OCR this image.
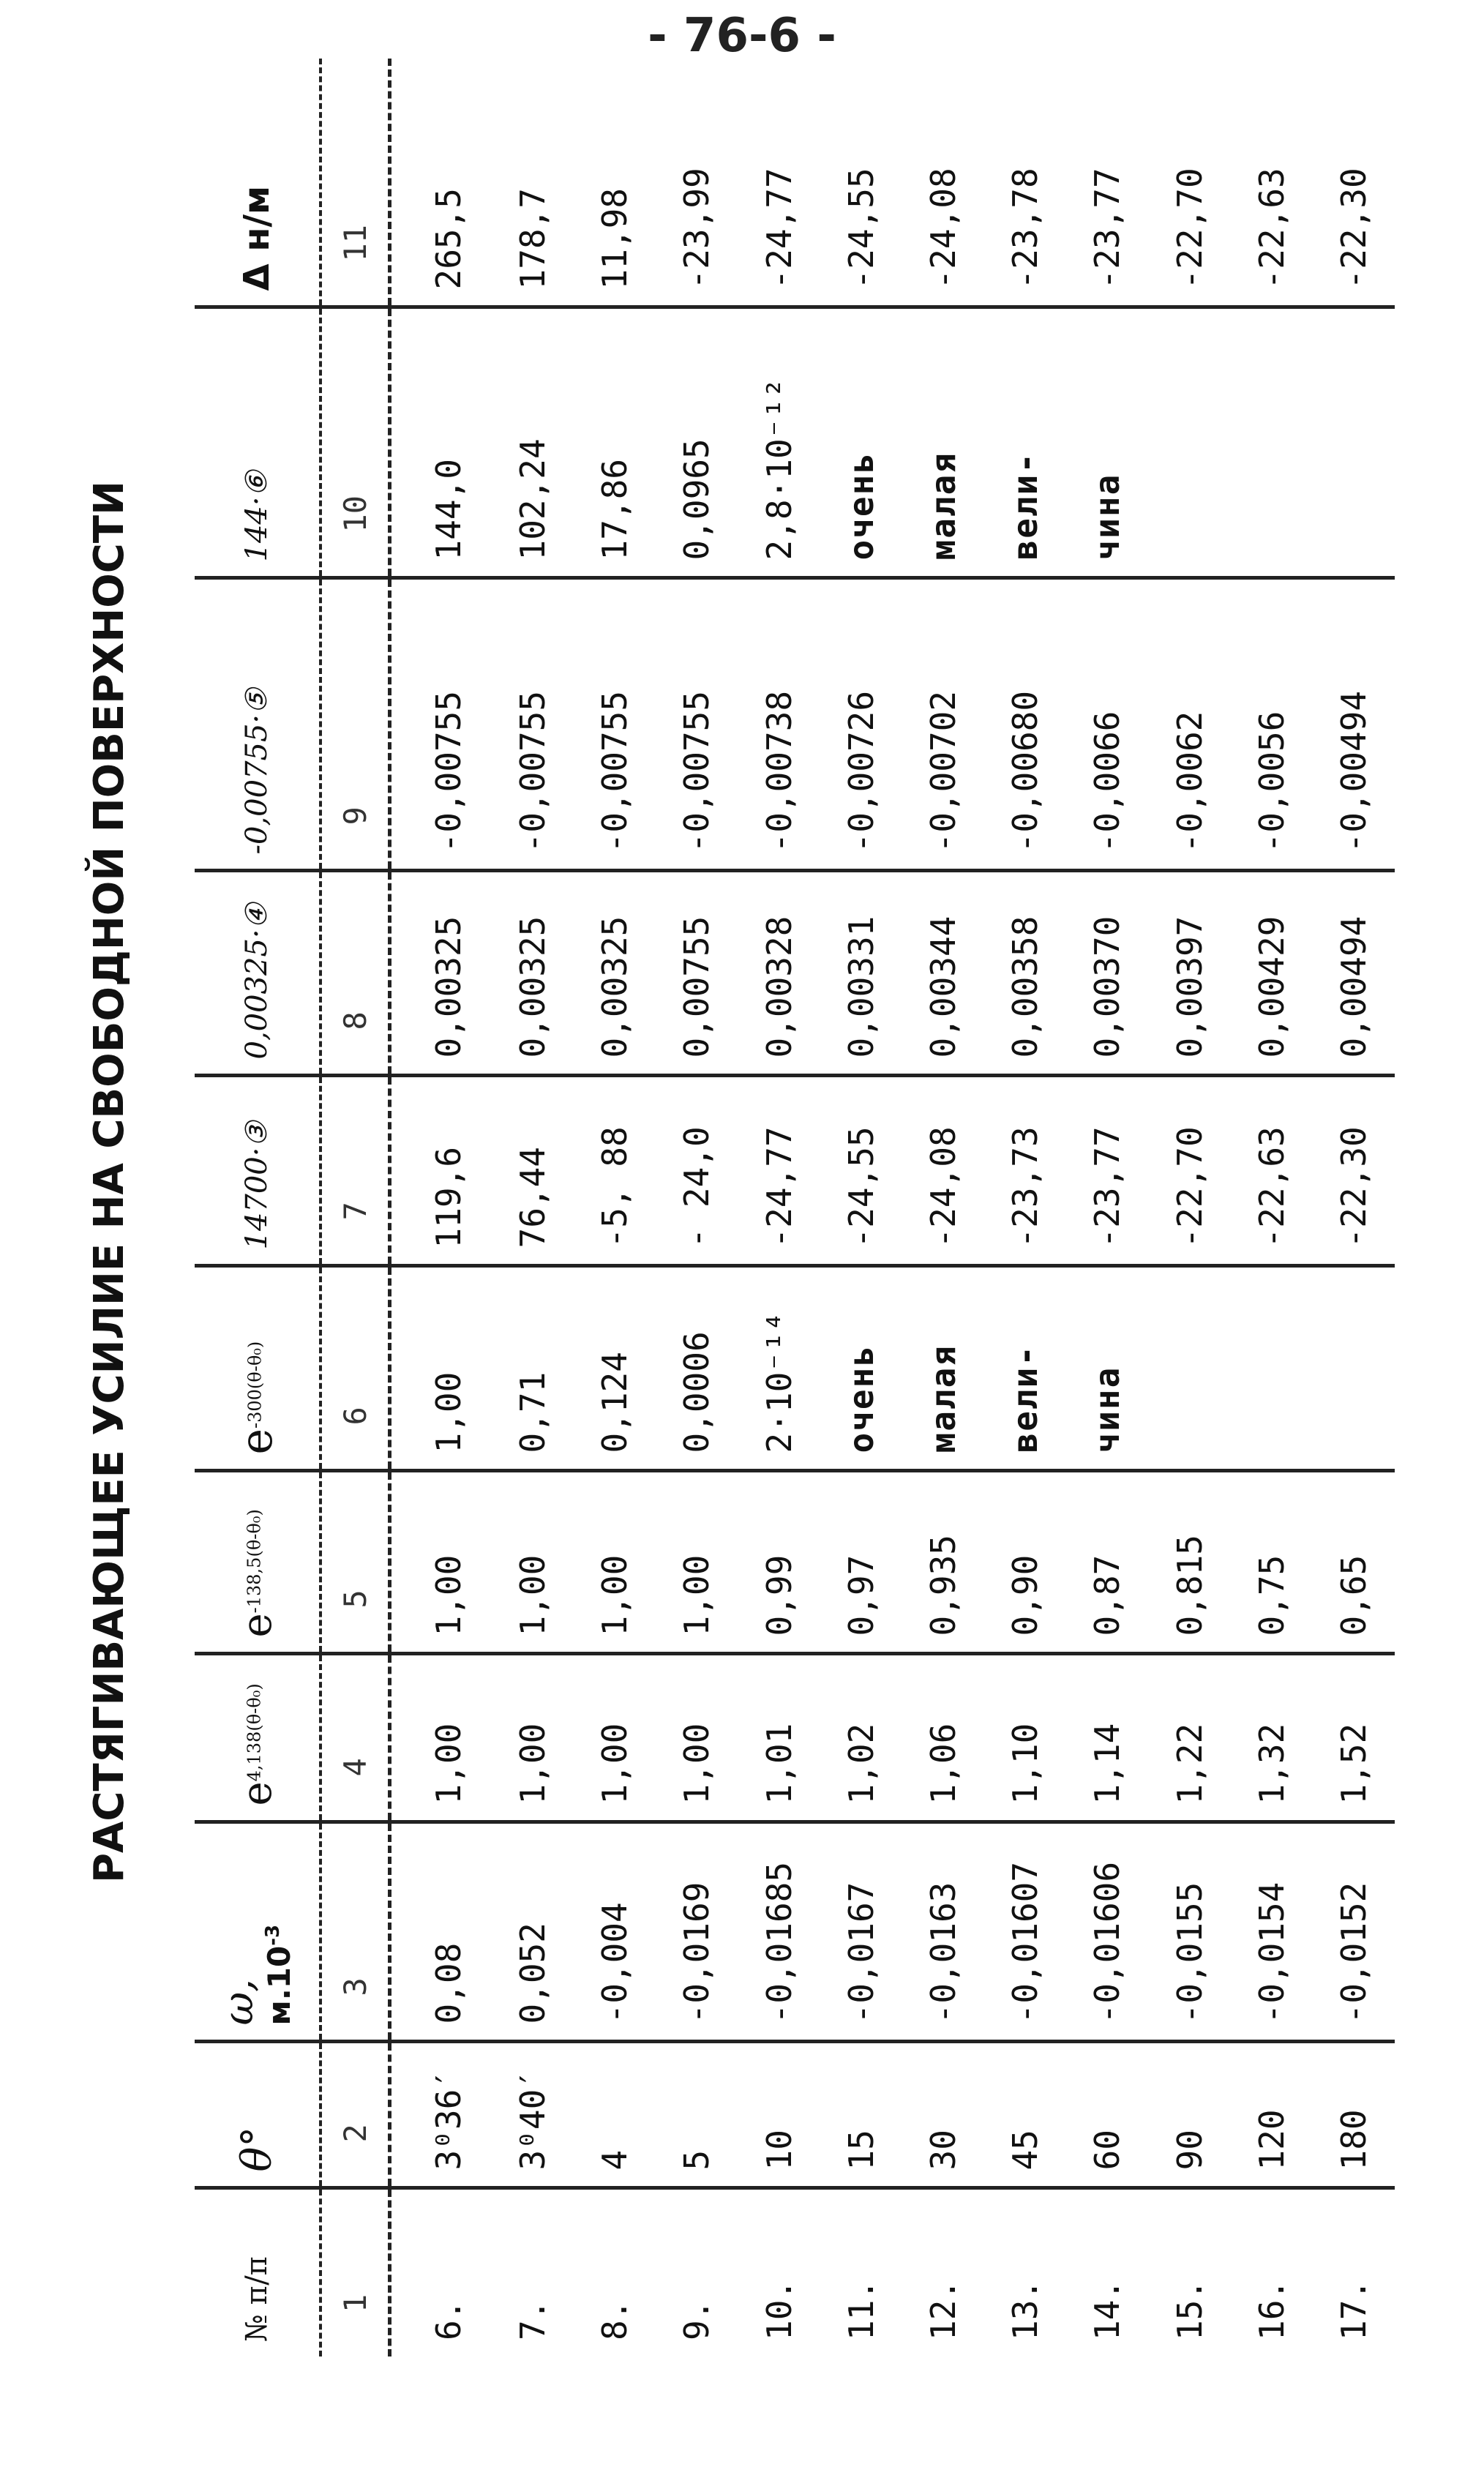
- 76-6 -
РАСТЯГИВАЮЩЕЕ УСИЛИЕ НА СВОБОДНОЙ ПОВЕРХНОСТИ
№ п/п	θ°	ω,
$м.10^{-3}$	$e^{4,138(\theta-\theta_0)}$	$e^{-138,5(\theta-\theta_0)}$	$e^{-300(\theta-\theta_0)}$	14700·③	0,00325·④	-0,00755·⑤	144·⑥	Δ н/м
1	2	3	4	5	6	7	8	9	10	11
6.	3⁰36′	0,08	1,00	1,00	1,00	119,6	0,00325	-0,00755	144,0	265,5
7.	3⁰40′	0,052	1,00	1,00	0,71	76,44	0,00325	-0,00755	102,24	178,7
8.	4	-0,004	1,00	1,00	0,124	-5, 88	0,00325	-0,00755	17,86	11,98
9.	5	-0,0169	1,00	1,00	0,0006	- 24,0	0,00755	-0,00755	0,0965	-23,99
10.	10	-0,01685	1,01	0,99	2·10⁻¹⁴	-24,77	0,00328	-0,00738	2,8·10⁻¹²	-24,77
11.	15	-0,0167	1,02	0,97	очень	-24,55	0,00331	-0,00726	очень	-24,55
12.	30	-0,0163	1,06	0,935	малая	-24,08	0,00344	-0,00702	малая	-24,08
13.	45	-0,01607	1,10	0,90	вели-	-23,73	0,00358	-0,00680	вели-	-23,78
14.	60	-0,01606	1,14	0,87	чина	-23,77	0,00370	-0,0066	чина	-23,77
15.	90	-0,0155	1,22	0,815		-22,70	0,00397	-0,0062		-22,70
16.	120	-0,0154	1,32	0,75		-22,63	0,00429	-0,0056		-22,63
17.	180	-0,0152	1,52	0,65		-22,30	0,00494	-0,00494		-22,30
